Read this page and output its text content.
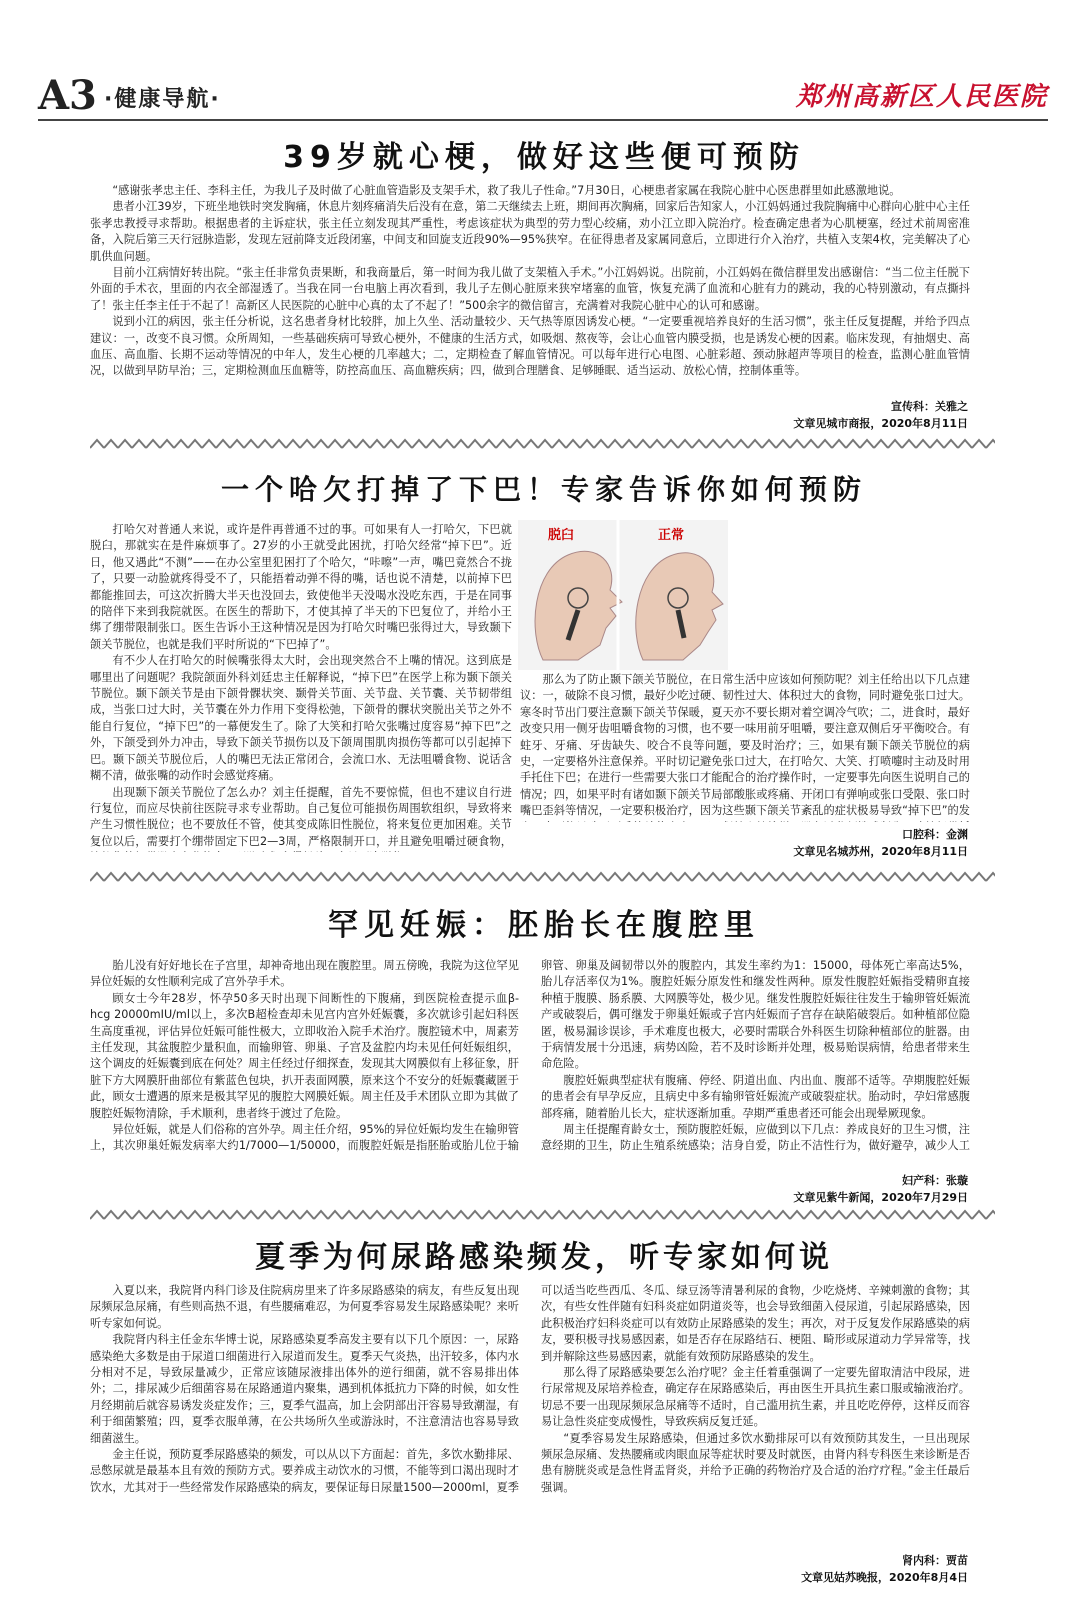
A3 ·健康导航·	郑州高新区人民医院
39岁就心梗，做好这些便可预防

“感谢张孝忠主任、李科主任，为我儿子及时做了心脏血管造影及支架手术，救了我儿子性命。”7月30日，心梗患者家属在我院心脏中心医患群里如此感激地说。

患者小江39岁，下班坐地铁时突发胸痛，休息片刻疼痛消失后没有在意，第二天继续去上班，期间再次胸痛，回家后告知家人，小江妈妈通过我院胸痛中心群向心脏中心主任张孝忠教授寻求帮助。根据患者的主诉症状，张主任立刻发现其严重性，考虑该症状为典型的劳力型心绞痛，劝小江立即入院治疗。检查确定患者为心肌梗塞，经过术前周密准备，入院后第三天行冠脉造影，发现左冠前降支近段闭塞，中间支和回旋支近段90%—95%狭窄。在征得患者及家属同意后，立即进行介入治疗，共植入支架4枚，完美解决了心肌供血问题。

目前小江病情好转出院。“张主任非常负责果断，和我商量后，第一时间为我儿做了支架植入手术。”小江妈妈说。出院前，小江妈妈在微信群里发出感谢信：“当二位主任脱下外面的手术衣，里面的内衣全部湿透了。当我在同一台电脑上再次看到，我儿子左侧心脏原来狭窄堵塞的血管，恢复充满了血流和心脏有力的跳动，我的心特别激动，有点撕抖了！张主任李主任于不起了！高新区人民医院的心脏中心真的太了不起了！”500余字的微信留言，充满着对我院心脏中心的认可和感谢。

说到小江的病因，张主任分析说，这名患者身材比较胖，加上久坐、活动量较少、天气热等原因诱发心梗。“一定要重视培养良好的生活习惯”，张主任反复提醒，并给予四点建议：一，改变不良习惯。众所周知，一些基础疾病可导致心梗外，不健康的生活方式，如吸烟、熬夜等，会让心血管内膜受损，也是诱发心梗的因素。临床发现，有抽烟史、高血压、高血脂、长期不运动等情况的中年人，发生心梗的几率越大；二，定期检查了解血管情况。可以每年进行心电图、心脏彩超、颈动脉超声等项目的检查，监测心脏血管情况，以做到早防早治；三，定期检测血压血糖等，防控高血压、高血糖疾病；四，做到合理膳食、足够睡眠、适当运动、放松心情，控制体重等。

宣传科：关雅之
文章见城市商报，2020年8月11日
一个哈欠打掉了下巴！专家告诉你如何预防
脱臼	正常

打哈欠对普通人来说，或许是件再普通不过的事。可如果有人一打哈欠，下巴就脱臼，那就实在是件麻烦事了。27岁的小王就受此困扰，打哈欠经常“掉下巴”。近日，他又遇此“不测”——在办公室里犯困打了个哈欠，“咔嚓”一声，嘴巴竟然合不拢了，只要一动脸就疼得受不了，只能捂着动弹不得的嘴，话也说不清楚，以前掉下巴都能推回去，可这次折腾大半天也没回去，致使他半天没喝水没吃东西，于是在同事的陪伴下来到我院就医。在医生的帮助下，才使其掉了半天的下巴复位了，并给小王绑了绷带限制张口。医生告诉小王这种情况是因为打哈欠时嘴巴张得过大，导致颞下颌关节脱位，也就是我们平时所说的“下巴掉了”。

有不少人在打哈欠的时候嘴张得太大时，会出现突然合不上嘴的情况。这到底是哪里出了问题呢？我院颌面外科刘廷忠主任解释说，“掉下巴”在医学上称为颞下颌关节脱位。颞下颌关节是由下颌骨髁状突、颞骨关节面、关节盘、关节囊、关节韧带组成，当张口过大时，关节囊在外力作用下变得松弛，下颌骨的髁状突脱出关节之外不能自行复位，“掉下巴”的一幕便发生了。除了大笑和打哈欠张嘴过度容易“掉下巴”之外，下颌受到外力冲击，导致下颌关节损伤以及下颌周围肌肉损伤等都可以引起掉下巴。颞下颌关节脱位后，人的嘴巴无法正常闭合，会流口水、无法咀嚼食物、说话含糊不清，做张嘴的动作时会感觉疼痛。

出现颞下颌关节脱位了怎么办？刘主任提醒，首先不要惊慌，但也不建议自行进行复位，而应尽快前往医院寻求专业帮助。自己复位可能损伤周围软组织，导致将来产生习惯性脱位；也不要放任不管，使其变成陈旧性脱位，将来复位更加困难。关节复位以后，需要打个绷带固定下巴2—3周，严格限制开口，并且避免咀嚼过硬食物，

那么为了防止颞下颌关节脱位，在日常生活中应该如何预防呢？刘主任给出以下几点建议：一，破除不良习惯，最好少吃过硬、韧性过大、体积过大的食物，同时避免张口过大。寒冬时节出门要注意颞下颌关节保暖，夏天亦不要长期对着空调冷气吹；二，进食时，最好改变只用一侧牙齿咀嚼食物的习惯，也不要一味用前牙咀嚼，要注意双侧后牙平衡咬合。有蛀牙、牙痛、牙齿缺失、咬合不良等问题，要及时治疗；三，如果有颞下颌关节脱位的病史，一定要格外注意保养。平时切记避免张口过大，在打哈欠、大笑、打喷嚏时主动及时用手托住下巴；在进行一些需要大张口才能配合的治疗操作时，一定要事先向医生说明自己的情况；四，如果平时有诸如颞下颌关节局部酸胀或疼痛、开闭口有弹响或张口受限、张口时嘴巴歪斜等情况，一定要积极治疗，因为这些颞下颌关节紊乱的症状极易导致“掉下巴”的发

口腔科：金渊
文章见名城苏州，2020年8月11日
罕见妊娠：胚胎长在腹腔里

胎儿没有好好地长在子宫里，却神奇地出现在腹腔里。周五傍晚，我院为这位罕见异位妊娠的女性顺利完成了宫外孕手术。

顾女士今年28岁，怀孕50多天时出现下间断性的下腹痛，到医院检查提示血β-hcg 20000mIU/ml以上，多次B超检查却未见宫内宫外妊娠囊，多次就诊引起妇科医生高度重视，评估异位妊娠可能性极大，立即收治入院手术治疗。腹腔镜术中，周素芳主任发现，其盆腹腔少量积血，而输卵管、卵巢、子宫及盆腔内均未见任何妊娠组织，这个调皮的妊娠囊到底在何处？周主任经过仔细探查，发现其大网膜似有上移征象，肝脏下方大网膜肝曲部位有紫蓝色包块，扒开表面网膜，原来这个不安分的妊娠囊藏匿于此，顾女士遭遇的原来是极其罕见的腹腔大网膜妊娠。周主任及手术团队立即为其做了腹腔妊娠物清除，手术顺利，患者终于渡过了危险。

异位妊娠，就是人们俗称的宫外孕。周主任介绍，95%的异位妊娠均发生在输卵管上，其次卵巢妊娠发病率大约1/7000—1/50000，而腹腔妊娠是指胚胎或胎儿位于输卵管、卵巢及阔韧带以外的腹腔内，其发生率约为1：15000，母体死亡率高达5%，胎儿存活率仅为1%。腹腔妊娠分原发性和继发性两种。原发性腹腔妊娠指受精卵直接种植于腹膜、肠系膜、大网膜等处，极少见。继发性腹腔妊娠往往发生于输卵管妊娠流产或破裂后，偶可继发于卵巢妊娠或子宫内妊娠而子宫存在缺陷破裂后。如种植部位隐匿，极易漏诊误诊，手术难度也极大，必要时需联合外科医生切除种植部位的脏器。由于病情发展十分迅速，病势凶险，若不及时诊断并处理，极易贻误病情，给患者带来生命危险。

腹腔妊娠典型症状有腹痛、停经、阴道出血、内出血、腹部不适等。孕期腹腔妊娠的患者会有早孕反应，且病史中多有输卵管妊娠流产或破裂症状。胎动时，孕妇常感腹部疼痛，随着胎儿长大，症状逐渐加重。孕期严重患者还可能会出现晕厥现象。

周主任提醒育龄女士，预防腹腔妊娠，应做到以下几点：养成良好的卫生习惯，注意经期的卫生，防止生殖系统感染；洁身自爱，防止不洁性行为，做好避孕，减少人工

妇产科：张璇
文章见紫牛新闻，2020年7月29日
夏季为何尿路感染频发，听专家如何说

入夏以来，我院肾内科门诊及住院病房里来了许多尿路感染的病友，有些反复出现尿频尿急尿痛，有些则高热不退，有些腰痛难忍，为何夏季容易发生尿路感染呢？来听听专家如何说。

我院肾内科主任金东华博士说，尿路感染夏季高发主要有以下几个原因：一，尿路感染绝大多数是由于尿道口细菌进行入尿道而发生。夏季天气炎热，出汗较多，体内水分相对不足，导致尿量减少，正常应该随尿液排出体外的逆行细菌，就不容易排出体外；二，排尿减少后细菌容易在尿路通道内聚集，遇到机体抵抗力下降的时候，如女性月经期前后就容易诱发炎症发作；三，夏季气温高，加上会阴部出汗容易导致潮湿，有利于细菌繁殖；四，夏季衣服单薄，在公共场所久坐或游泳时，不注意清洁也容易导致细菌滋生。

金主任说，预防夏季尿路感染的频发，可以从以下方面起：首先，多饮水勤排尿、忌憋尿就是最基本且有效的预防方式。要养成主动饮水的习惯，不能等到口渴出现时才饮水，尤其对于一些经常发作尿路感染的病友，要保证每日尿量1500—2000ml，夏季可以适当吃些西瓜、冬瓜、绿豆汤等清暑利尿的食物，少吃烧烤、辛辣刺激的食物；其次，有些女性伴随有妇科炎症如阴道炎等，也会导致细菌入侵尿道，引起尿路感染，因此积极治疗妇科炎症可以有效防止尿路感染的发生；再次，对于反复发作尿路感染的病友，要积极寻找易感因素，如是否存在尿路结石、梗阻、畸形或尿道动力学异常等，找到并解除这些易感因素，就能有效预防尿路感染的发生。

那么得了尿路感染要怎么治疗呢？金主任着重强调了一定要先留取清洁中段尿，进行尿常规及尿培养检查，确定存在尿路感染后，再由医生开具抗生素口服或输液治疗。切忌不要一出现尿频尿急尿痛等不适时，自己滥用抗生素，并且吃吃停停，这样反而容易让急性炎症变成慢性，导致疾病反复迁延。

“夏季容易发生尿路感染，但通过多饮水勤排尿可以有效预防其发生，一旦出现尿频尿急尿痛、发热腰痛或肉眼血尿等症状时要及时就医，由肾内科专科医生来诊断是否患有膀胱炎或是急性肾盂肾炎，并给予正确的药物治疗及合适的治疗疗程。”金主任最后强调。

肾内科：贾苗
文章见姑苏晚报，2020年8月4日
